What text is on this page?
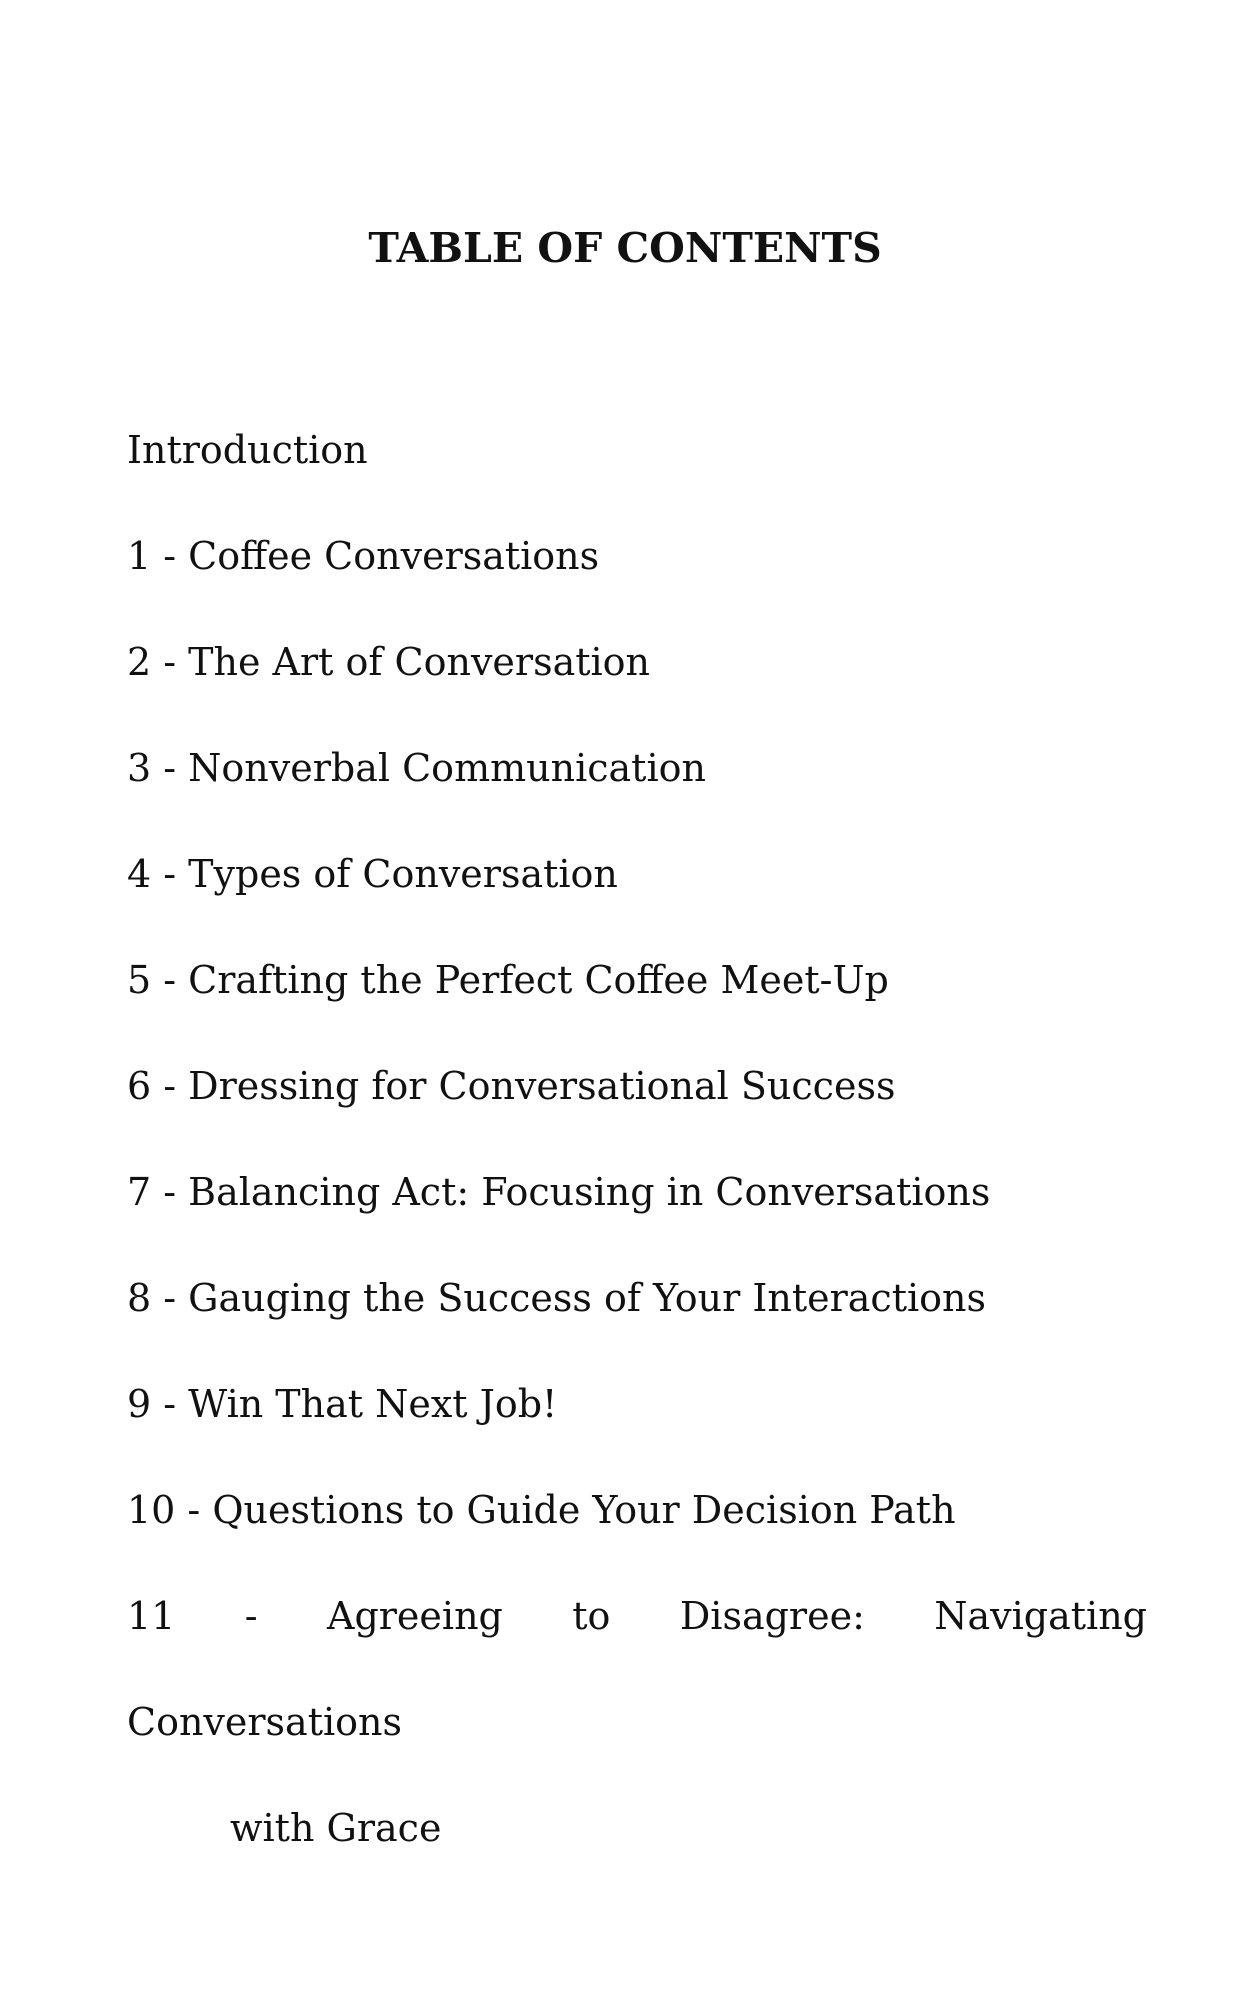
TABLE OF CONTENTS
Introduction
1 - Coffee Conversations
2 - The Art of Conversation
3 - Nonverbal Communication
4 - Types of Conversation
5 - Crafting the Perfect Coffee Meet-Up
6 - Dressing for Conversational Success
7 - Balancing Act: Focusing in Conversations
8 - Gauging the Success of Your Interactions
9 - Win That Next Job!
10 - Questions to Guide Your Decision Path
11 - Agreeing to Disagree: Navigating Conversations
with Grace
